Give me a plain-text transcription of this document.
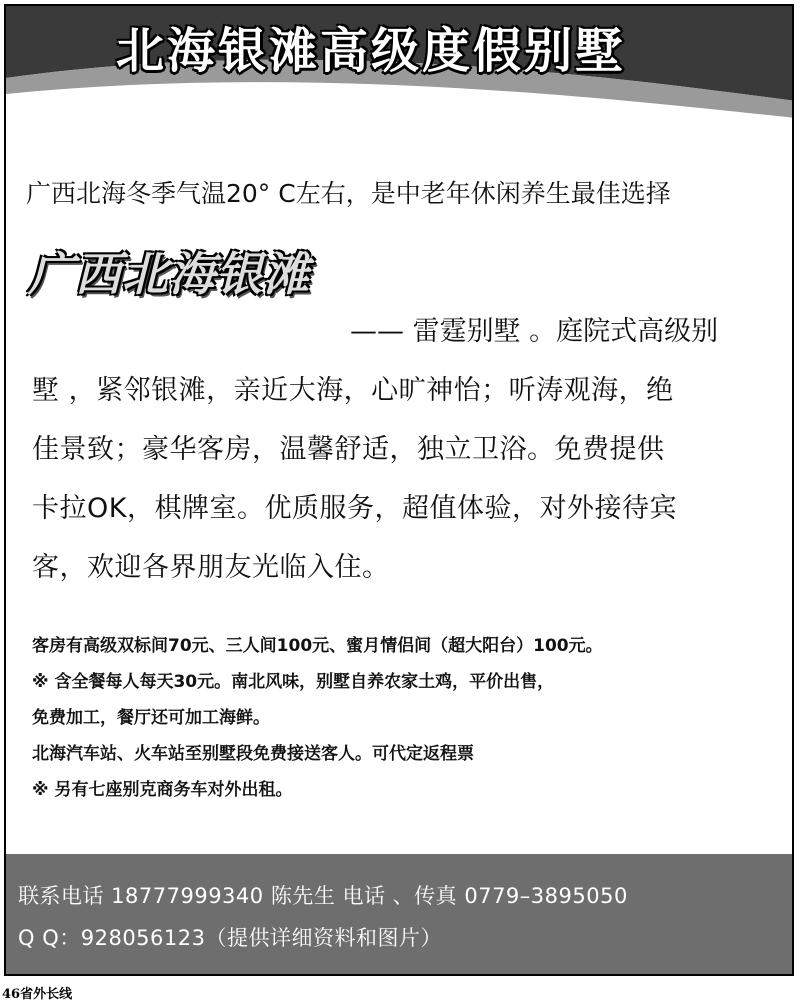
北海银滩高级度假别墅
广西北海冬季气温20° C左右，是中老年休闲养生最佳选择
广西北海银滩
—— 雷霆别墅 。庭院式高级别
墅 ，紧邻银滩，亲近大海，心旷神怡；听涛观海，绝
佳景致；豪华客房，温馨舒适，独立卫浴。免费提供
卡拉OK，棋牌室。优质服务，超值体验，对外接待宾
客，欢迎各界朋友光临入住。
客房有高级双标间70元、三人间100元、蜜月情侣间（超大阳台）100元。
※ 含全餐每人每天30元。南北风味，别墅自养农家土鸡，平价出售，
免费加工，餐厅还可加工海鲜。
北海汽车站、火车站至别墅段免费接送客人。可代定返程票
※ 另有七座别克商务车对外出租。
联系电话 18777999340 陈先生 电话 、传真 0779–3895050
Q Q：928056123（提供详细资料和图片）
46省外长线
